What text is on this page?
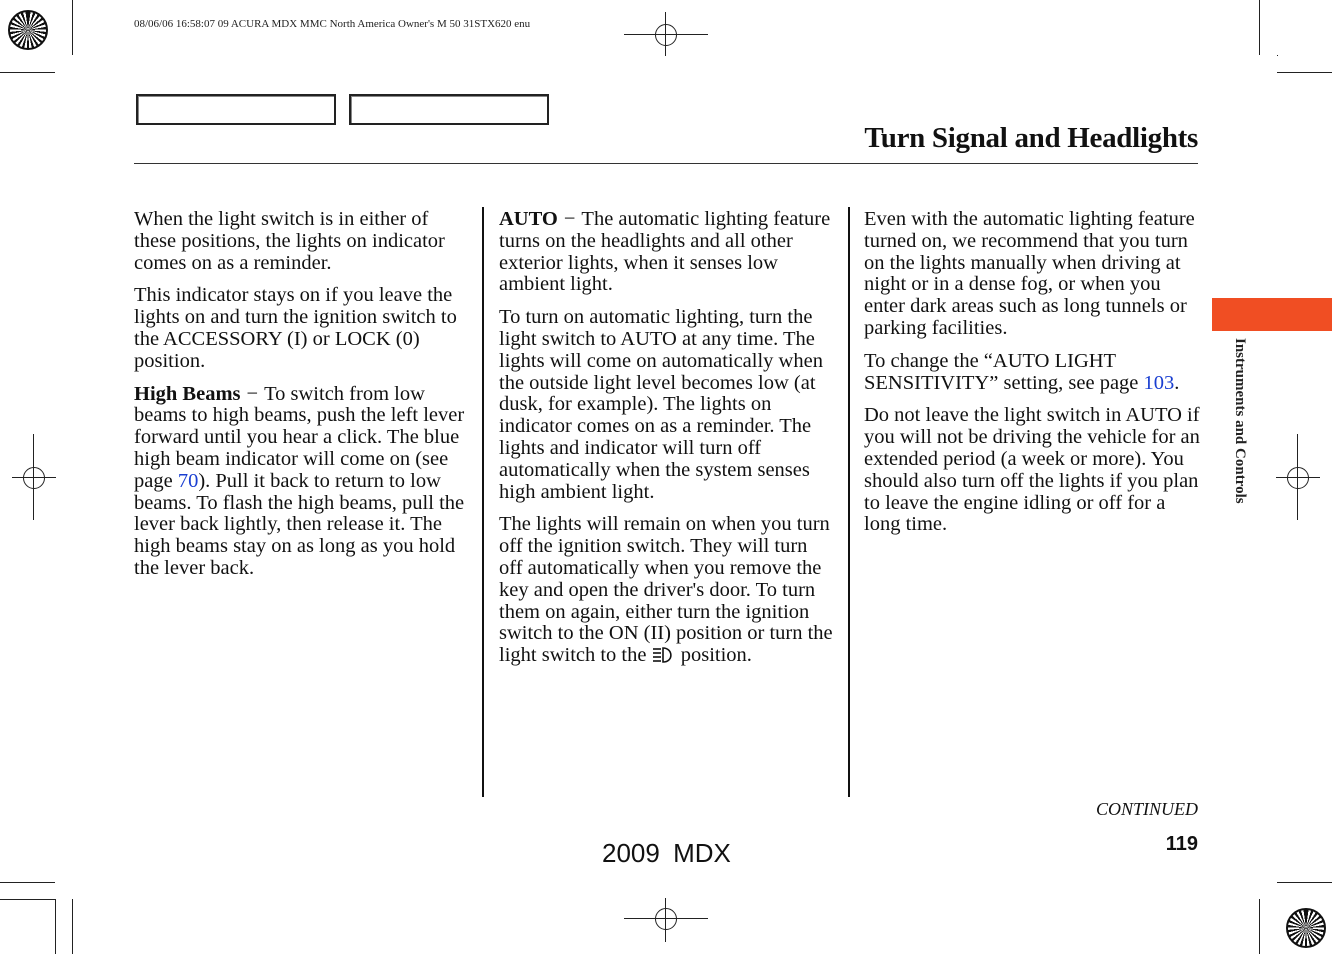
08/06/06 16:58:07 09 ACURA MDX MMC North America Owner's M 50 31STX620 enu
Turn Signal and Headlights

When the light switch is in either of these positions, the lights on indicator comes on as a reminder.

This indicator stays on if you leave the lights on and turn the ignition switch to the ACCESSORY (I) or LOCK (0) position.

High Beams − To switch from low beams to high beams, push the left lever forward until you hear a click. The blue high beam indicator will come on (see page 70). Pull it back to return to low beams. To flash the high beams, pull the lever back lightly, then release it. The high beams stay on as long as you hold the lever back.

AUTO − The automatic lighting feature turns on the headlights and all other exterior lights, when it senses low ambient light.

To turn on automatic lighting, turn the light switch to AUTO at any time. The lights will come on automatically when the outside light level becomes low (at dusk, for example). The lights on indicator comes on as a reminder. The lights and indicator will turn off automatically when the system senses high ambient light.

The lights will remain on when you turn off the ignition switch. They will turn off automatically when you remove the key and open the driver's door. To turn them on again, either turn the ignition switch to the ON (II) position or turn the light switch to the position.

Even with the automatic lighting feature turned on, we recommend that you turn on the lights manually when driving at night or in a dense fog, or when you enter dark areas such as long tunnels or parking facilities.

To change the “AUTO LIGHT SENSITIVITY” setting, see page 103.

Do not leave the light switch in AUTO if you will not be driving the vehicle for an extended period (a week or more). You should also turn off the lights if you plan to leave the engine idling or off for a long time.

Instruments and Controls
CONTINUED
119
2009 MDX
